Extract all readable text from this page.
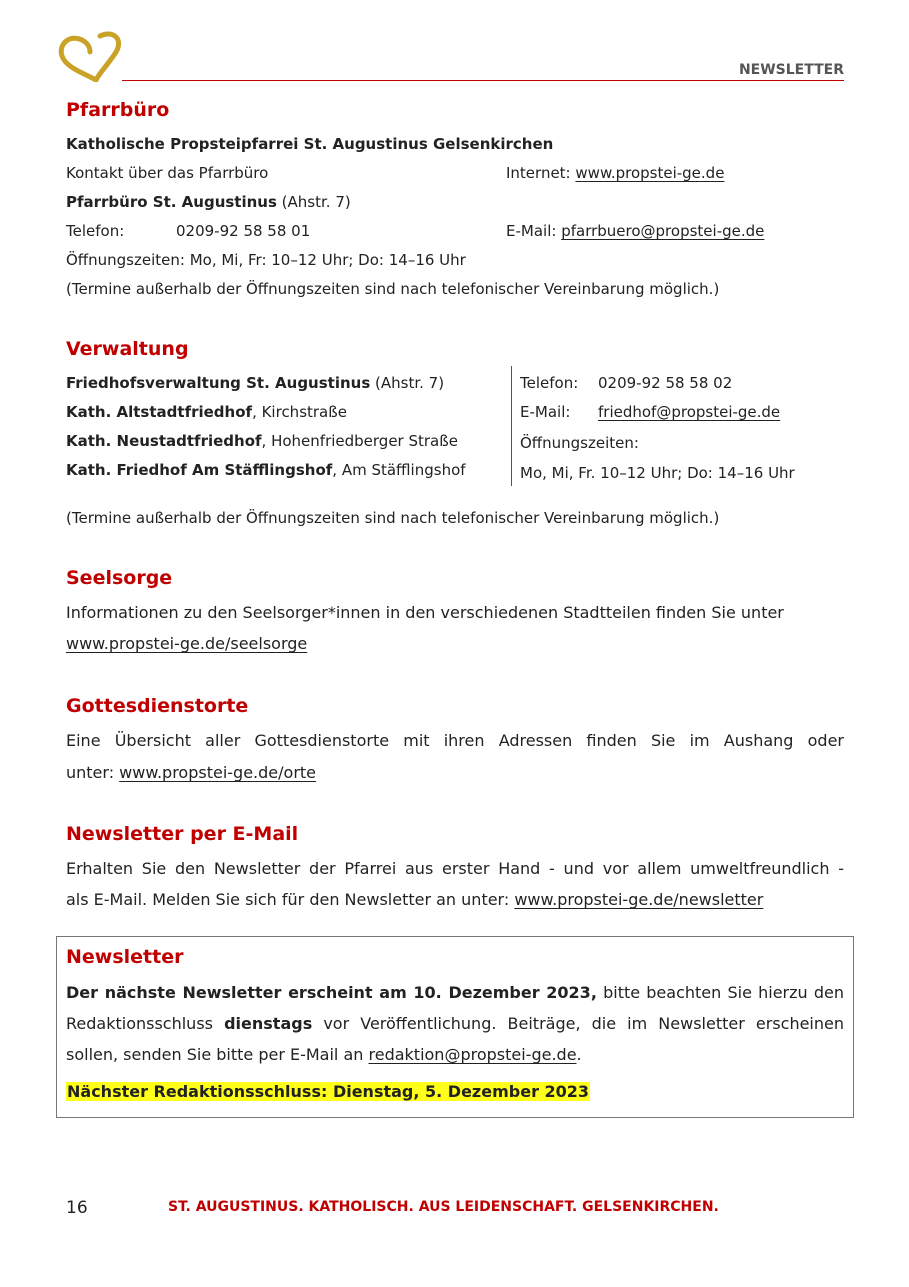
NEWSLETTER
Pfarrbüro
Katholische Propsteipfarrei St. Augustinus Gelsenkirchen
Kontakt über das Pfarrbüro	Internet: www.propstei-ge.de
Pfarrbüro St. Augustinus (Ahstr. 7)
Telefon:	0209-92 58 58 01	E-Mail: pfarrbuero@propstei-ge.de
Öffnungszeiten: Mo, Mi, Fr: 10–12 Uhr; Do: 14–16 Uhr
(Termine außerhalb der Öffnungszeiten sind nach telefonischer Vereinbarung möglich.)
Verwaltung
Friedhofsverwaltung St. Augustinus (Ahstr. 7)
Kath. Altstadtfriedhof, Kirchstraße
Kath. Neustadtfriedhof, Hohenfriedberger Straße
Kath. Friedhof Am Stäfflingshof, Am Stäfflingshof
Telefon: 0209-92 58 58 02
E-Mail: friedhof@propstei-ge.de
Öffnungszeiten:
Mo, Mi, Fr. 10–12 Uhr; Do: 14–16 Uhr
(Termine außerhalb der Öffnungszeiten sind nach telefonischer Vereinbarung möglich.)
Seelsorge
Informationen zu den Seelsorger*innen in den verschiedenen Stadtteilen finden Sie unter
www.propstei-ge.de/seelsorge
Gottesdienstorte
Eine Übersicht aller Gottesdienstorte mit ihren Adressen finden Sie im Aushang oder
unter: www.propstei-ge.de/orte
Newsletter per E-Mail
Erhalten Sie den Newsletter der Pfarrei aus erster Hand - und vor allem umweltfreundlich -
als E-Mail. Melden Sie sich für den Newsletter an unter: www.propstei-ge.de/newsletter
Newsletter
Der nächste Newsletter erscheint am 10. Dezember 2023, bitte beachten Sie hierzu den
Redaktionsschluss dienstags vor Veröffentlichung. Beiträge, die im Newsletter erscheinen
sollen, senden Sie bitte per E-Mail an redaktion@propstei-ge.de.
Nächster Redaktionsschluss: Dienstag, 5. Dezember 2023
16	ST. AUGUSTINUS. KATHOLISCH. AUS LEIDENSCHAFT. GELSENKIRCHEN.
